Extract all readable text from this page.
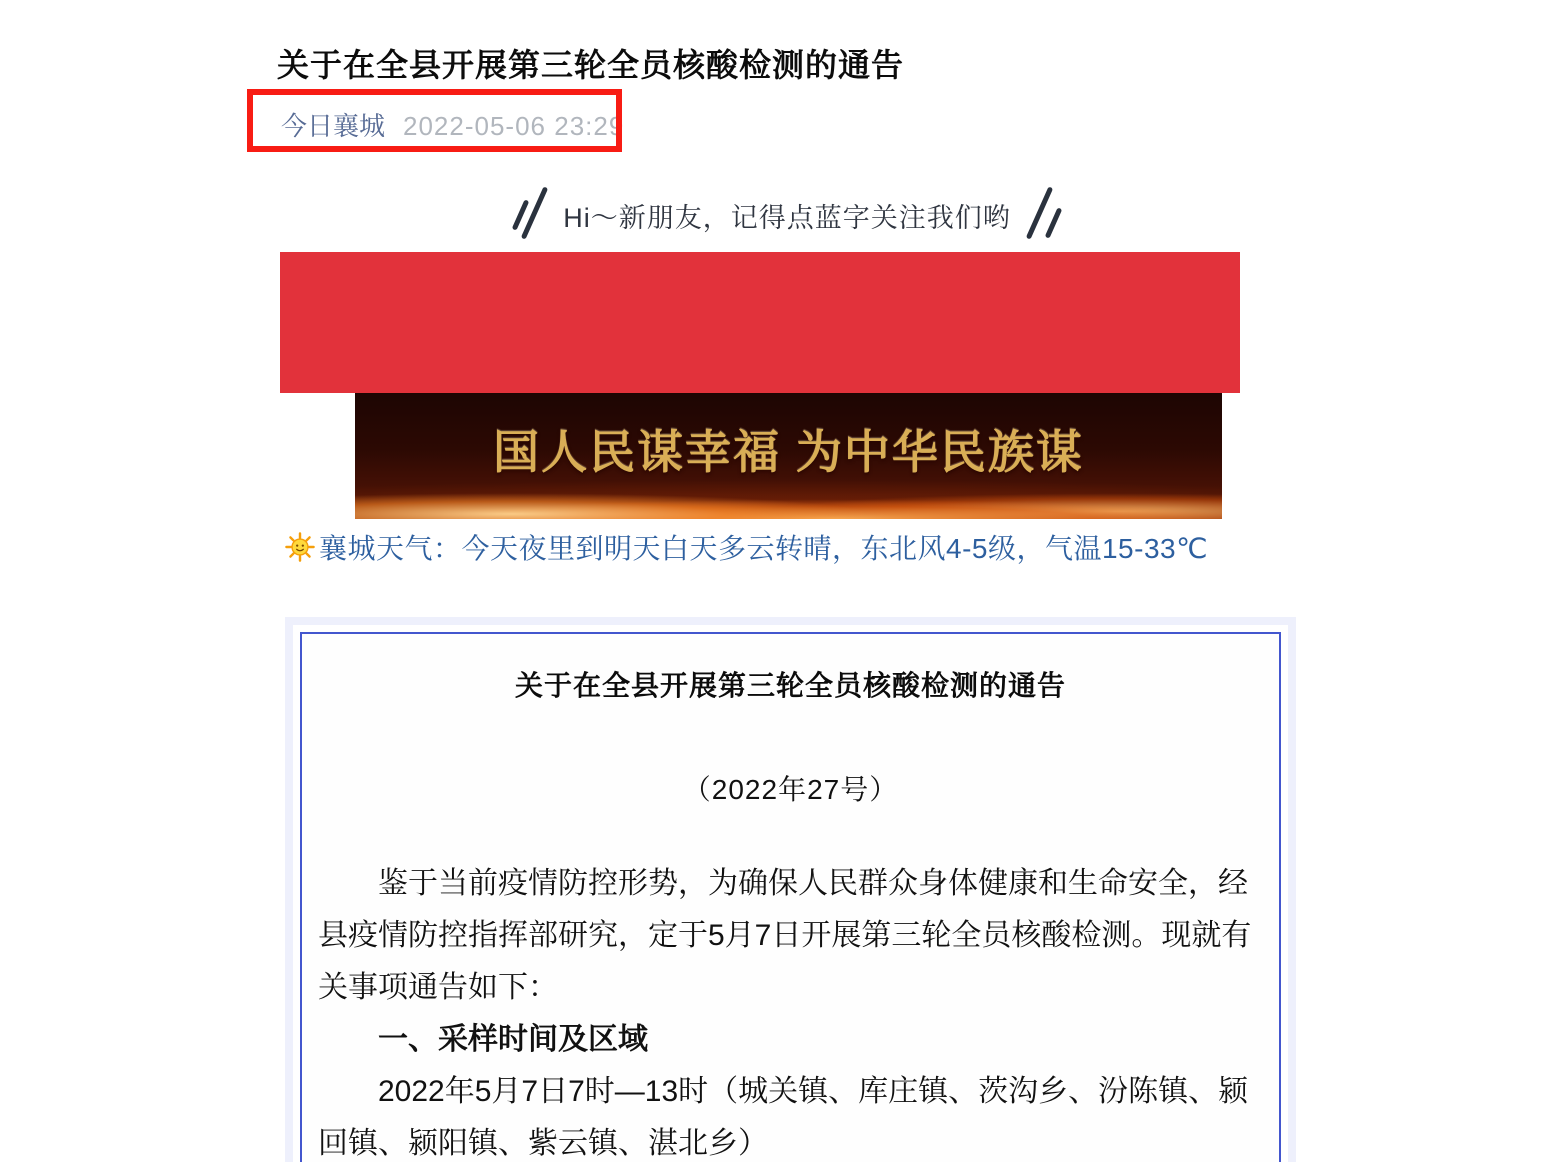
关于在全县开展第三轮全员核酸检测的通告
今日襄城 2022-05-06 23:29
Hi～新朋友，记得点蓝字关注我们哟
国人民谋幸福 为中华民族谋
襄城天气：今天夜里到明天白天多云转晴，东北风4-5级，气温15-33℃
关于在全县开展第三轮全员核酸检测的通告
（2022年27号）

鉴于当前疫情防控形势，为确保人民群众身体健康和生命安全，经县疫情防控指挥部研究，定于5月7日开展第三轮全员核酸检测。现就有关事项通告如下：

一、采样时间及区域

2022年5月7日7时—13时（城关镇、库庄镇、茨沟乡、汾陈镇、颍回镇、颍阳镇、紫云镇、湛北乡）
